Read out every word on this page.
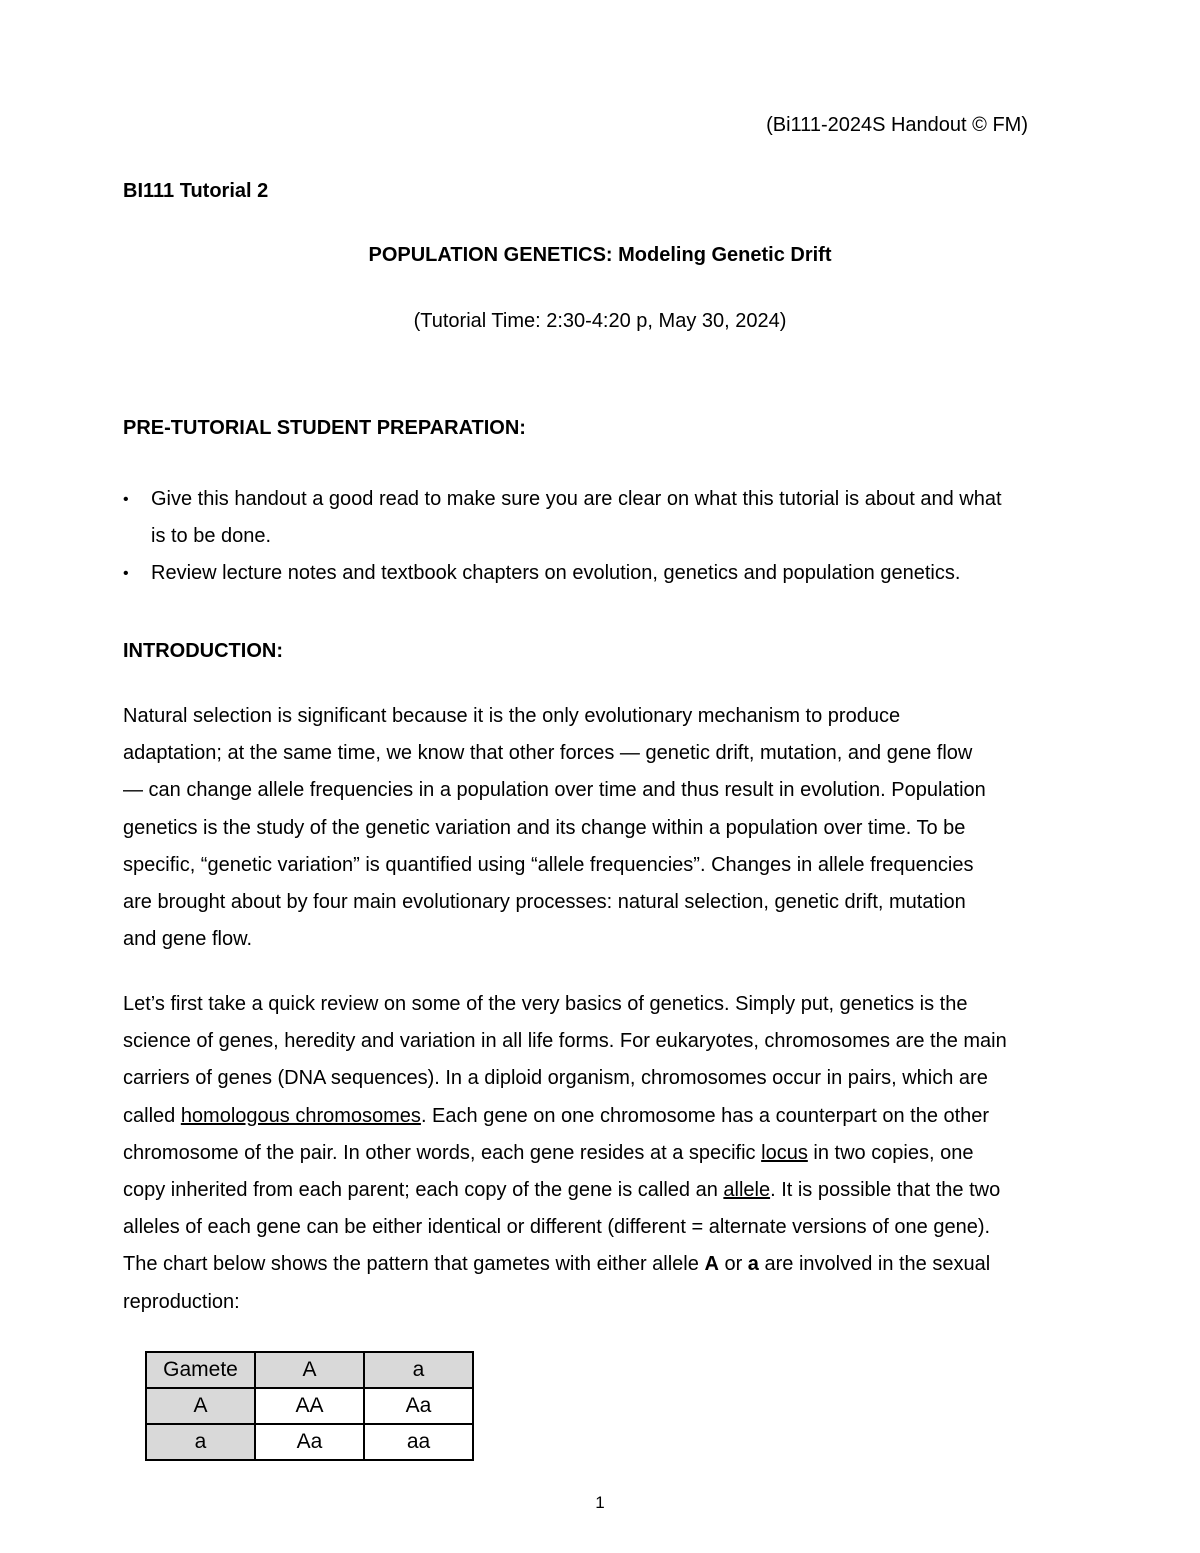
(Bi111-2024S Handout © FM)
BI111 Tutorial 2
POPULATION GENETICS: Modeling Genetic Drift
(Tutorial Time: 2:30-4:20 p, May 30, 2024)
PRE-TUTORIAL STUDENT PREPARATION:
• Give this handout a good read to make sure you are clear on what this tutorial is about and what
is to be done.
• Review lecture notes and textbook chapters on evolution, genetics and population genetics.
INTRODUCTION:

Natural selection is significant because it is the only evolutionary mechanism to produce
adaptation; at the same time, we know that other forces — genetic drift, mutation, and gene flow
— can change allele frequencies in a population over time and thus result in evolution. Population
genetics is the study of the genetic variation and its change within a population over time. To be
specific, “genetic variation” is quantified using “allele frequencies”. Changes in allele frequencies
are brought about by four main evolutionary processes: natural selection, genetic drift, mutation
and gene flow.

Let’s first take a quick review on some of the very basics of genetics. Simply put, genetics is the
science of genes, heredity and variation in all life forms. For eukaryotes, chromosomes are the main
carriers of genes (DNA sequences). In a diploid organism, chromosomes occur in pairs, which are
called homologous chromosomes. Each gene on one chromosome has a counterpart on the other
chromosome of the pair. In other words, each gene resides at a specific locus in two copies, one
copy inherited from each parent; each copy of the gene is called an allele. It is possible that the two
alleles of each gene can be either identical or different (different = alternate versions of one gene).
The chart below shows the pattern that gametes with either allele A or a are involved in the sexual
reproduction:

Gamete	A	a
A	AA	Aa
a	Aa	aa
1
